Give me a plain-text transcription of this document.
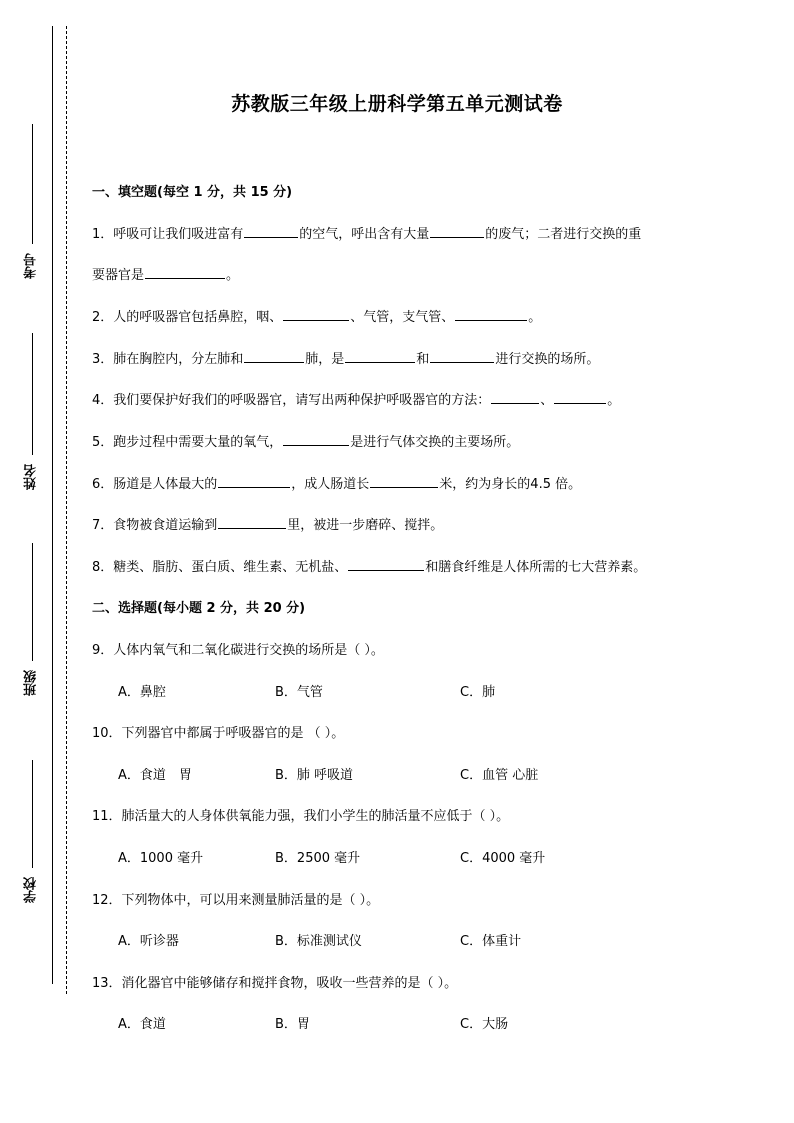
考号
姓名
班级
学校
苏教版三年级上册科学第五单元测试卷
一、填空题(每空 1 分，共 15 分)
1．呼吸可让我们吸进富有	的空气，呼出含有大量	的废气；二者进行交换的重
要器官是	。
2．人的呼吸器官包括鼻腔，咽、	、气管，支气管、	。
3．肺在胸腔内，分左肺和	肺，是	和	进行交换的场所。
4．我们要保护好我们的呼吸器官，请写出两种保护呼吸器官的方法：	、	。
5．跑步过程中需要大量的氧气，	是进行气体交换的主要场所。
6．肠道是人体最大的	，成人肠道长	米，约为身长的4.5 倍。
7．食物被食道运输到	里，被进一步磨碎、搅拌。
8．糖类、脂肪、蛋白质、维生素、无机盐、	和膳食纤维是人体所需的七大营养素。
二、选择题(每小题 2 分，共 20 分)
9．人体内氧气和二氧化碳进行交换的场所是（ ）。
A．鼻腔	B．气管	C．肺
10．下列器官中都属于呼吸器官的是 （ ）。
A．食道　胃	B．肺 呼吸道	C．血管 心脏
11．肺活量大的人身体供氧能力强，我们小学生的肺活量不应低于（ ）。
A．1000 毫升	B．2500 毫升	C．4000 毫升
12．下列物体中，可以用来测量肺活量的是（ ）。
A．听诊器	B．标准测试仪	C．体重计
13．消化器官中能够储存和搅拌食物，吸收一些营养的是（ ）。
A．食道	B．胃	C．大肠
